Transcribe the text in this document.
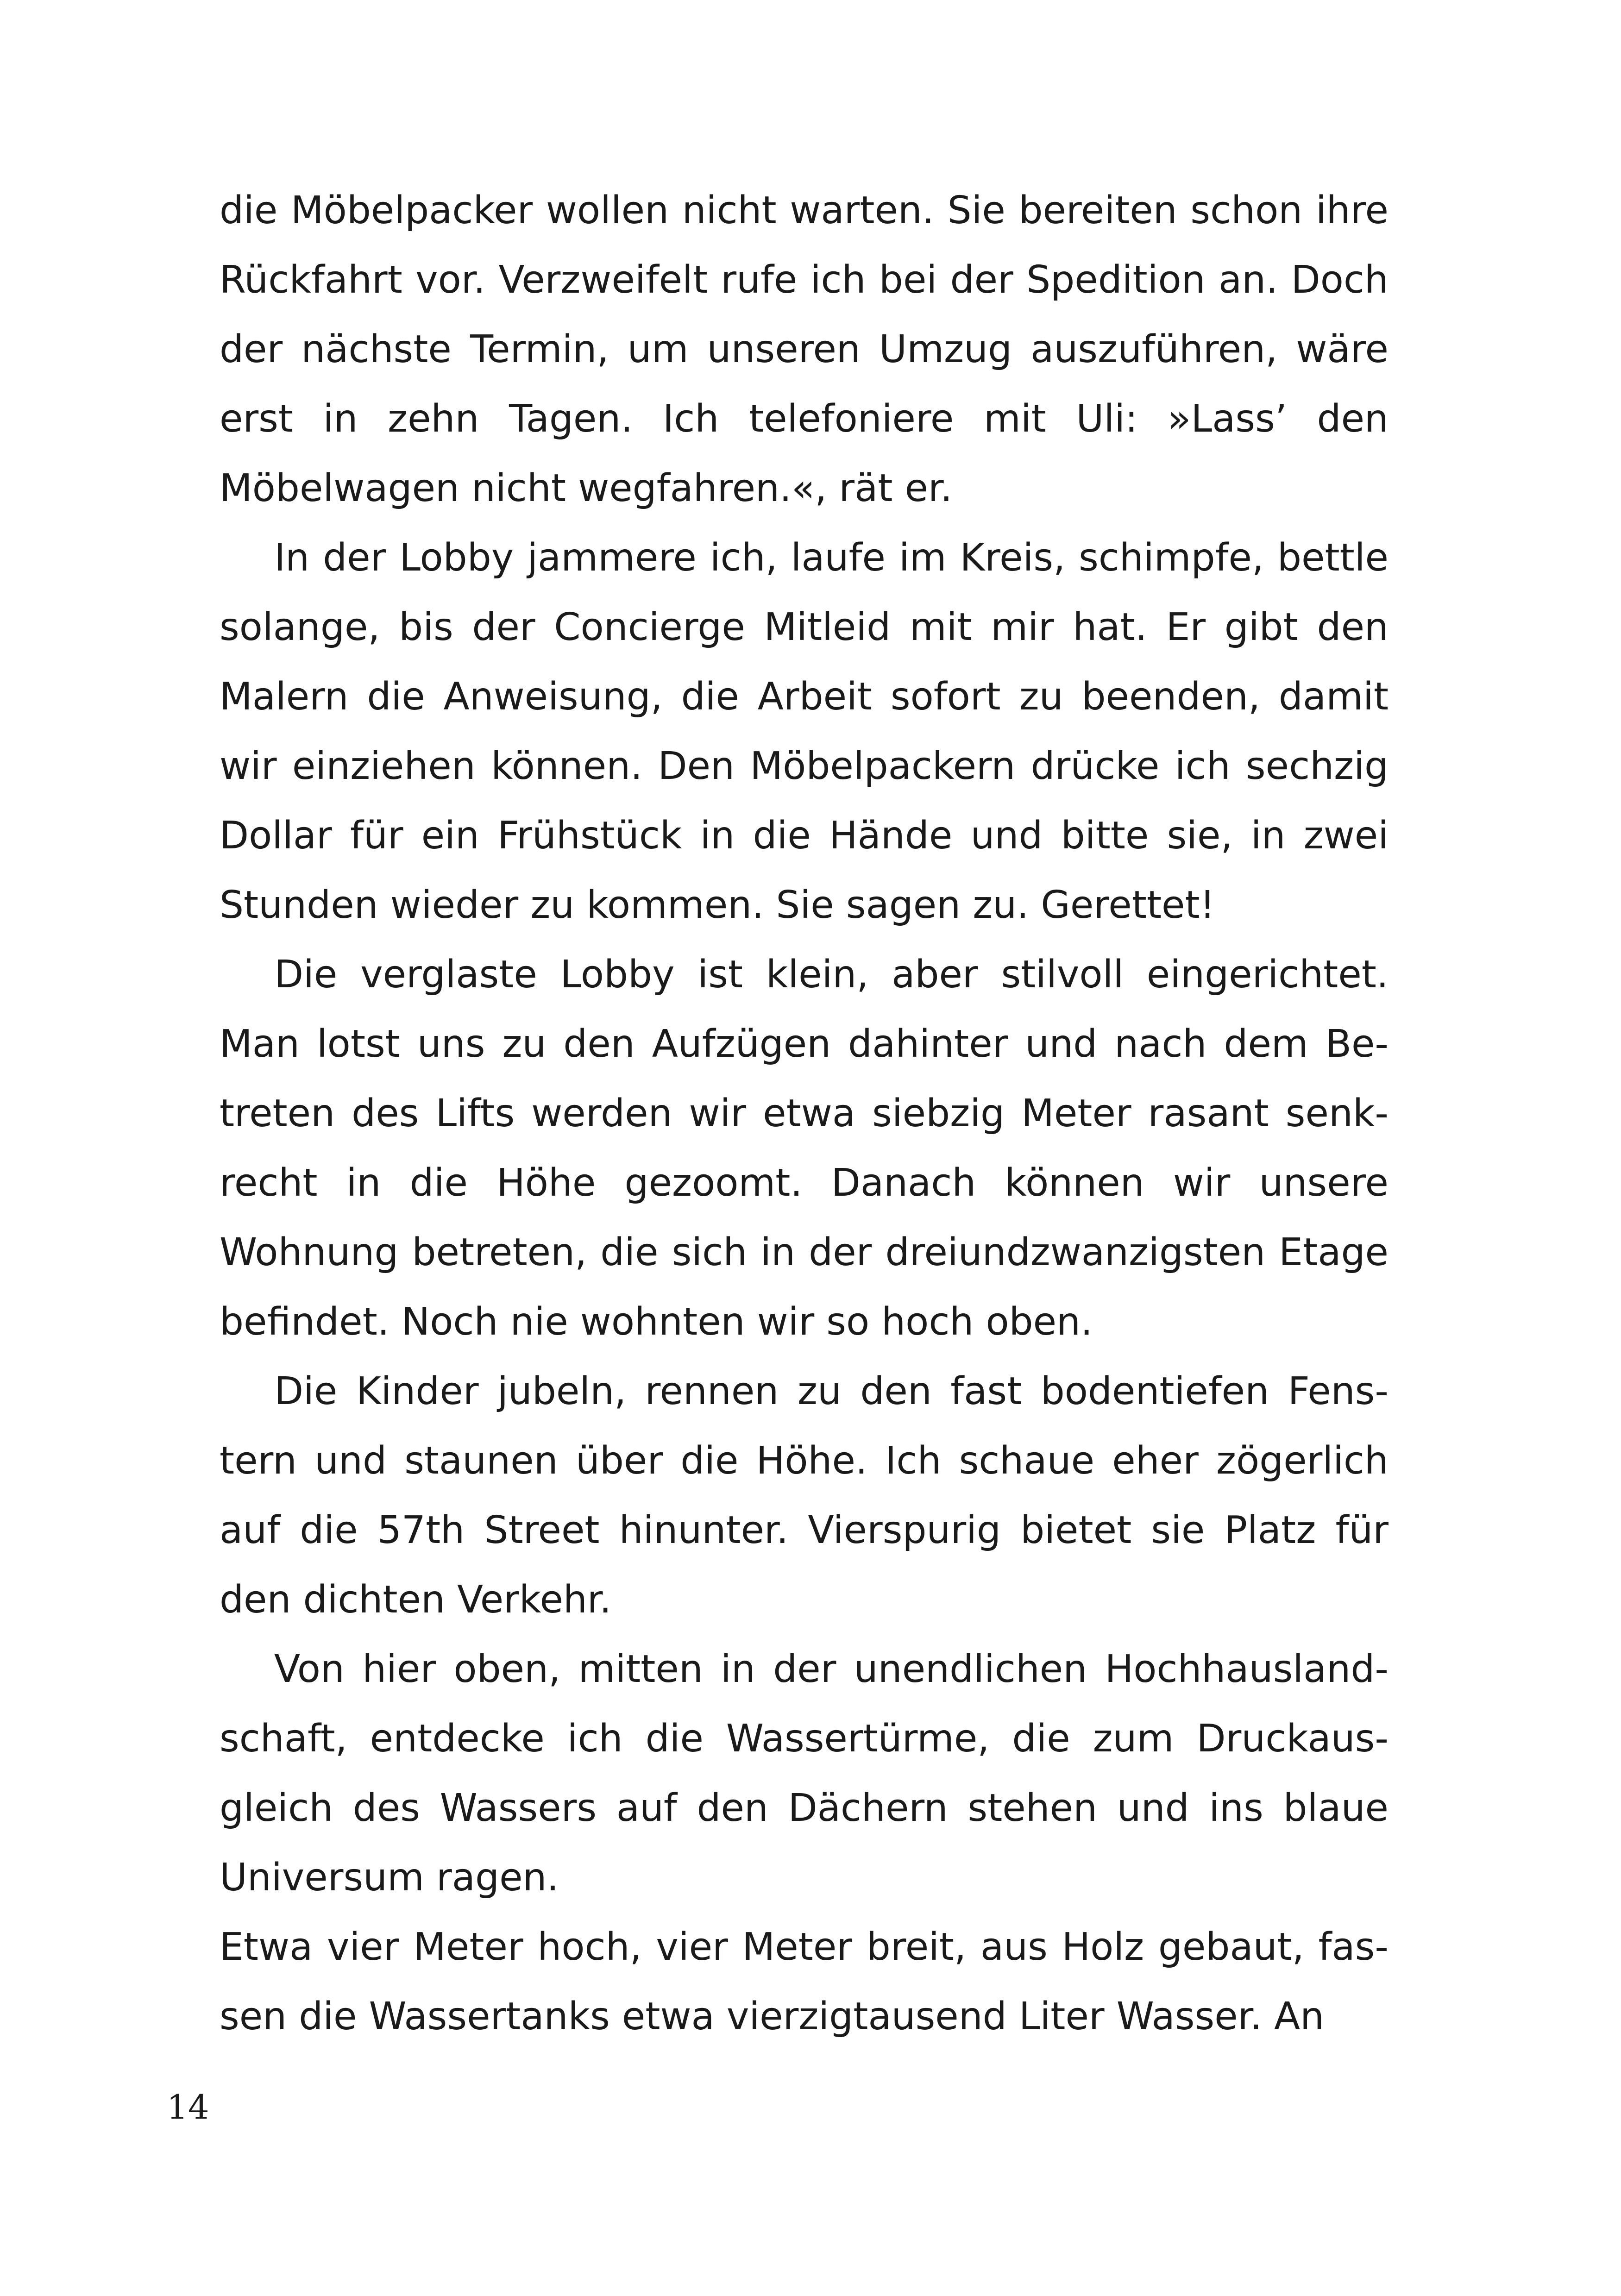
die Möbelpacker wollen nicht warten. Sie bereiten schon ihre Rückfahrt vor. Verzweifelt rufe ich bei der Spedition an. Doch der nächste Termin, um unseren Umzug auszuführen, wäre erst in zehn Tagen. Ich telefoniere mit Uli: »Lass’ den Möbelwagen nicht wegfahren.«, rät er.

In der Lobby jammere ich, laufe im Kreis, schimpfe, bettle solange, bis der Concierge Mitleid mit mir hat. Er gibt den Malern die Anweisung, die Arbeit sofort zu beenden, damit wir einziehen können. Den Möbelpackern drücke ich sechzig Dollar für ein Frühstück in die Hände und bitte sie, in zwei Stunden wieder zu kommen. Sie sagen zu. Gerettet!

Die verglaste Lobby ist klein, aber stilvoll eingerichtet. Man lotst uns zu den Aufzügen dahinter und nach dem Betreten des Lifts werden wir etwa siebzig Meter rasant senkrecht in die Höhe gezoomt. Danach können wir unsere Wohnung betreten, die sich in der dreiundzwanzigsten Etage befindet. Noch nie wohnten wir so hoch oben.

Die Kinder jubeln, rennen zu den fast bodentiefen Fenstern und staunen über die Höhe. Ich schaue eher zögerlich auf die 57th Street hinunter. Vierspurig bietet sie Platz für den dichten Verkehr.

Von hier oben, mitten in der unendlichen Hochhauslandschaft, entdecke ich die Wassertürme, die zum Druckausgleich des Wassers auf den Dächern stehen und ins blaue Universum ragen.

Etwa vier Meter hoch, vier Meter breit, aus Holz gebaut, fassen die Wassertanks etwa vierzigtausend Liter Wasser. An

14
